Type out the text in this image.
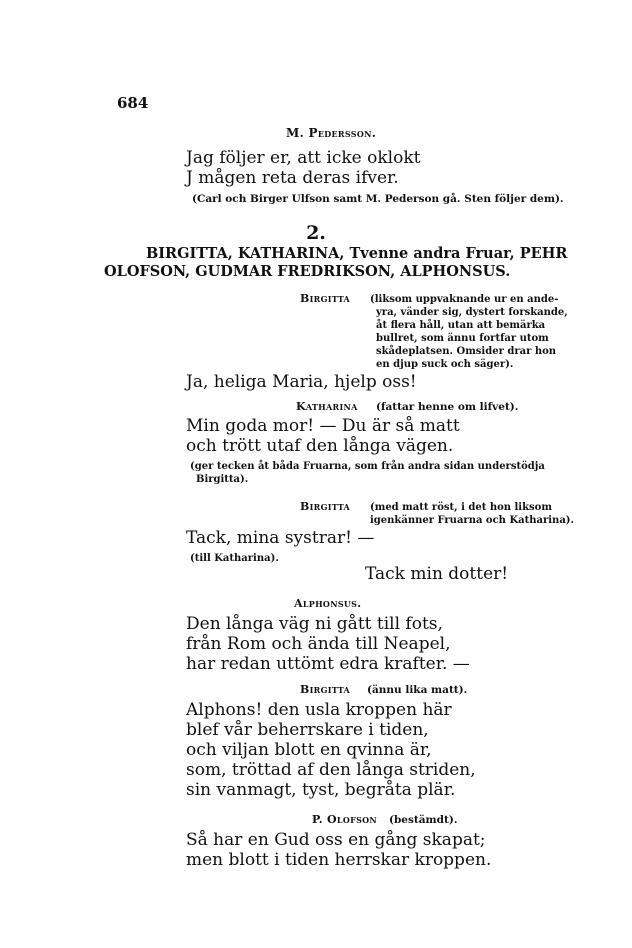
684
M. Pedersson.
Jag följer er, att icke oklokt
J mågen reta deras ifver.
(Carl och Birger Ulfson samt M. Pederson gå. Sten följer dem).
2.
BIRGITTA, KATHARINA, Tvenne andra Fruar, PEHR
OLOFSON, GUDMAR FREDRIKSON, ALPHONSUS.
Birgitta (liksom uppvaknande ur en ande-
yra, vänder sig, dystert forskande,
åt flera håll, utan att bemärka
bullret, som ännu fortfar utom
skådeplatsen. Omsider drar hon
en djup suck och säger).
Ja, heliga Maria, hjelp oss!
Katharina (fattar henne om lifvet).
Min goda mor! — Du är så matt
och trött utaf den långa vägen.
(ger tecken åt båda Fruarna, som från andra sidan understödja
Birgitta).
Birgitta (med matt röst, i det hon liksom
igenkänner Fruarna och Katharina).
Tack, mina systrar! —
(till Katharina).
Tack min dotter!
Alphonsus.
Den långa väg ni gått till fots,
från Rom och ända till Neapel,
har redan uttömt edra krafter. —
Birgitta (ännu lika matt).
Alphons! den usla kroppen här
blef vår beherrskare i tiden,
och viljan blott en qvinna är,
som, tröttad af den långa striden,
sin vanmagt, tyst, begråta plär.
P. Olofson (bestämdt).
Så har en Gud oss en gång skapat;
men blott i tiden herrskar kroppen.
